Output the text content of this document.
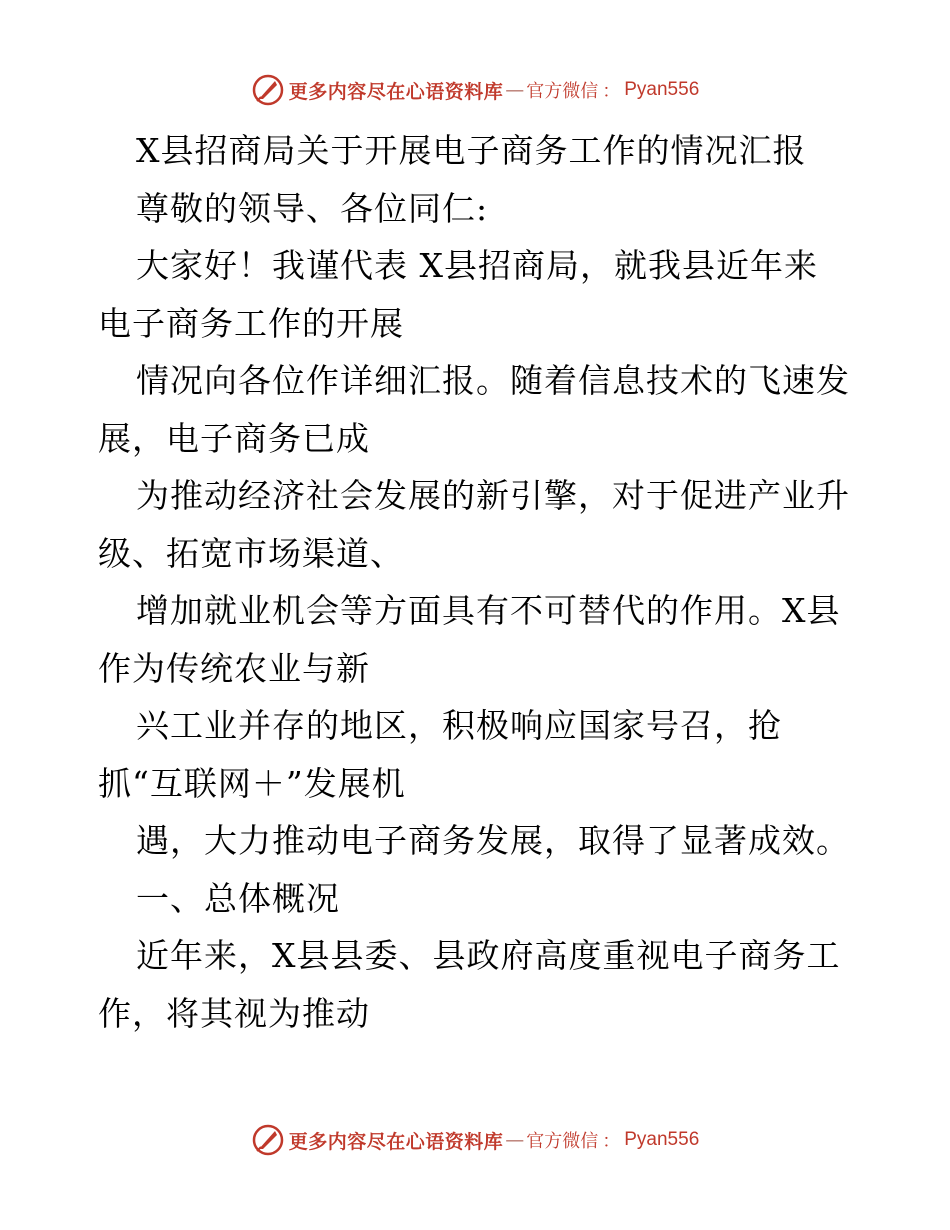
更多内容尽在心语资料库 — 官方微信 ： Pyan556
X县招商局关于开展电子商务工作的情况汇报
尊敬的领导、各位同仁:
大家好！我谨代表 X县招商局，就我县近年来
电子商务工作的开展
情况向各位作详细汇报。随着信息技术的飞速发
展，电子商务已成
为推动经济社会发展的新引擎，对于促进产业升
级、拓宽市场渠道、
增加就业机会等方面具有不可替代的作用。X县
作为传统农业与新
兴工业并存的地区，积极响应国家号召，抢
抓“互联网＋”发展机
遇，大力推动电子商务发展，取得了显著成效。
一、总体概况
近年来，X县县委、县政府高度重视电子商务工
作，将其视为推动
更多内容尽在心语资料库 — 官方微信 ： Pyan556
